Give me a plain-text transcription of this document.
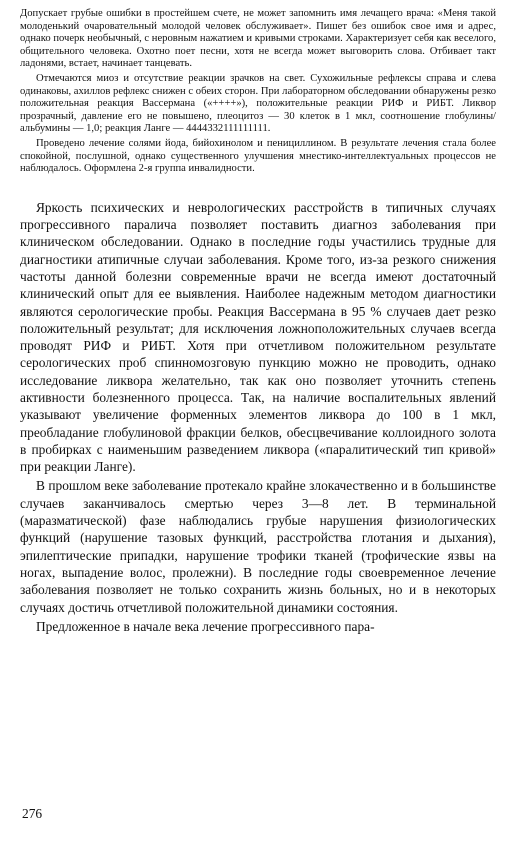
Допускает грубые ошибки в простейшем счете, не может запомнить имя лечащего врача: «Меня такой молоденький очаровательный молодой человек обслуживает». Пишет без ошибок свое имя и адрес, однако почерк необычный, с неровным нажатием и кривыми строками. Характеризует себя как веселого, общительного человека. Охотно поет песни, хотя не всегда может выговорить слова. Отбивает такт ладонями, встает, начинает танцевать.

Отмечаются миоз и отсутствие реакции зрачков на свет. Сухожильные рефлексы справа и слева одинаковы, ахиллов рефлекс снижен с обеих сторон. При лабораторном обследовании обнаружены резко положительная реакция Вассермана («++++»), положительные реакции РИФ и РИБТ. Ликвор прозрачный, давление его не повышено, плеоцитоз — 30 клеток в 1 мкл, соотношение глобулины/альбумины — 1,0; реакция Ланге — 4444332111111111.

Проведено лечение солями йода, бийохинолом и пенициллином. В результате лечения стала более спокойной, послушной, однако существенного улучшения мнестико-интеллектуальных процессов не наблюдалось. Оформлена 2-я группа инвалидности.

Яркость психических и неврологических расстройств в типичных случаях прогрессивного паралича позволяет поставить диагноз заболевания при клиническом обследовании. Однако в последние годы участились трудные для диагностики атипичные случаи заболевания. Кроме того, из-за резкого снижения частоты данной болезни современные врачи не всегда имеют достаточный клинический опыт для ее выявления. Наиболее надежным методом диагностики являются серологические пробы. Реакция Вассермана в 95 % случаев дает резко положительный результат; для исключения ложноположительных случаев всегда проводят РИФ и РИБТ. Хотя при отчетливом положительном результате серологических проб спинномозговую пункцию можно не проводить, однако исследование ликвора желательно, так как оно позволяет уточнить степень активности болезненного процесса. Так, на наличие воспалительных явлений указывают увеличение форменных элементов ликвора до 100 в 1 мкл, преобладание глобулиновой фракции белков, обесцвечивание коллоидного золота в пробирках с наименьшим разведением ликвора («паралитический тип кривой» при реакции Ланге).

В прошлом веке заболевание протекало крайне злокачественно и в большинстве случаев заканчивалось смертью через 3—8 лет. В терминальной (маразматической) фазе наблюдались грубые нарушения физиологических функций (нарушение тазовых функций, расстройства глотания и дыхания), эпилептические припадки, нарушение трофики тканей (трофические язвы на ногах, выпадение волос, пролежни). В последние годы своевременное лечение заболевания позволяет не только сохранить жизнь больных, но и в некоторых случаях достичь отчетливой положительной динамики состояния.

Предложенное в начале века лечение прогрессивного пара-

276
